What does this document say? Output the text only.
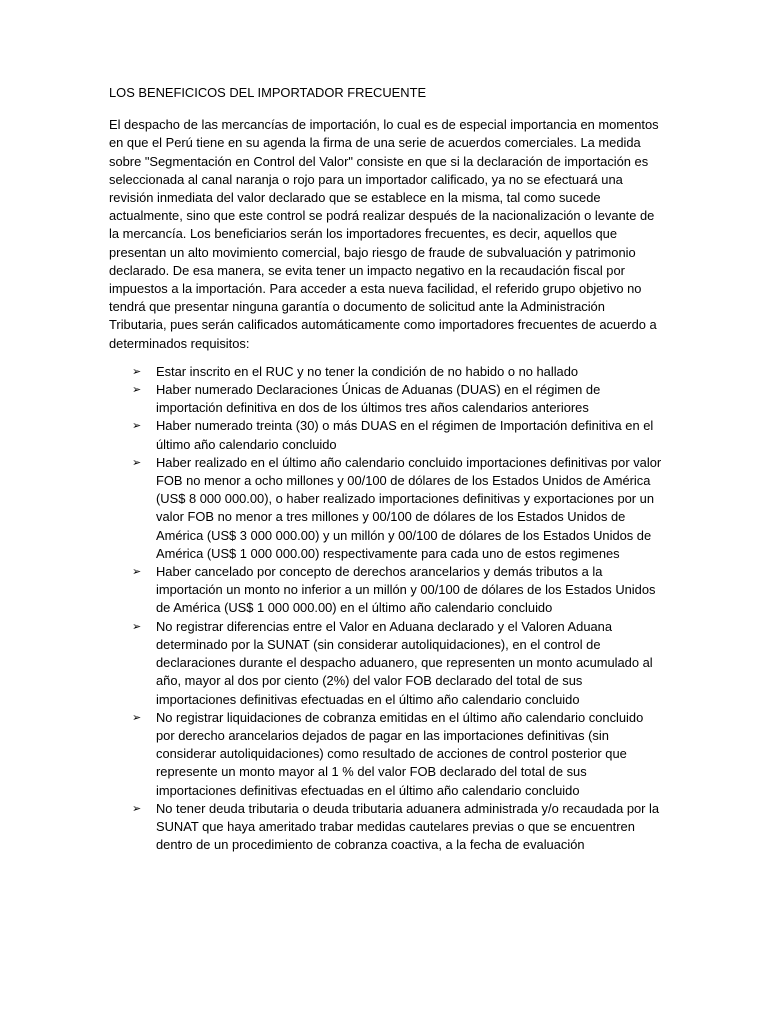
LOS BENEFICICOS DEL IMPORTADOR FRECUENTE

El despacho de las mercancías de importación, lo cual es de especial importancia en momentos en que el Perú tiene en su agenda la firma de una serie de acuerdos comerciales. La medida sobre "Segmentación en Control del Valor" consiste en que si la declaración de importación es seleccionada al canal naranja o rojo para un importador calificado, ya no se efectuará una revisión inmediata del valor declarado que se establece en la misma, tal como sucede actualmente, sino que este control se podrá realizar después de la nacionalización o levante de la mercancía. Los beneficiarios serán los importadores frecuentes, es decir, aquellos que presentan un alto movimiento comercial, bajo riesgo de fraude de subvaluación y patrimonio declarado. De esa manera, se evita tener un impacto negativo en la recaudación fiscal por impuestos a la importación. Para acceder a esta nueva facilidad, el referido grupo objetivo no tendrá que presentar ninguna garantía o documento de solicitud ante la Administración Tributaria, pues serán calificados automáticamente como importadores frecuentes de acuerdo a determinados requisitos:

➢ Estar inscrito en el RUC y no tener la condición de no habido o no hallado
➢ Haber numerado Declaraciones Únicas de Aduanas (DUAS) en el régimen de importación definitiva en dos de los últimos tres años calendarios anteriores
➢ Haber numerado treinta (30) o más DUAS en el régimen de Importación definitiva en el último año calendario concluido
➢ Haber realizado en el último año calendario concluido importaciones definitivas por valor FOB no menor a ocho millones y 00/100 de dólares de los Estados Unidos de América (US$ 8 000 000.00), o haber realizado importaciones definitivas y exportaciones por un valor FOB no menor a tres millones y 00/100 de dólares de los Estados Unidos de América (US$ 3 000 000.00) y un millón y 00/100 de dólares de los Estados Unidos de América (US$ 1 000 000.00) respectivamente para cada uno de estos regimenes
➢ Haber cancelado por concepto de derechos arancelarios y demás tributos a la importación un monto no inferior a un millón y 00/100 de dólares de los Estados Unidos de América (US$ 1 000 000.00) en el último año calendario concluido
➢ No registrar diferencias entre el Valor en Aduana declarado y el Valoren Aduana determinado por la SUNAT (sin considerar autoliquidaciones), en el control de declaraciones durante el despacho aduanero, que representen un monto acumulado al año, mayor al dos por ciento (2%) del valor FOB declarado del total de sus importaciones definitivas efectuadas en el último año calendario concluido
➢ No registrar liquidaciones de cobranza emitidas en el último año calendario concluido por derecho arancelarios dejados de pagar en las importaciones definitivas (sin considerar autoliquidaciones) como resultado de acciones de control posterior que represente un monto mayor al 1 % del valor FOB declarado del total de sus importaciones definitivas efectuadas en el último año calendario concluido
➢ No tener deuda tributaria o deuda tributaria aduanera administrada y/o recaudada por la SUNAT que haya ameritado trabar medidas cautelares previas o que se encuentren dentro de un procedimiento de cobranza coactiva, a la fecha de evaluación
